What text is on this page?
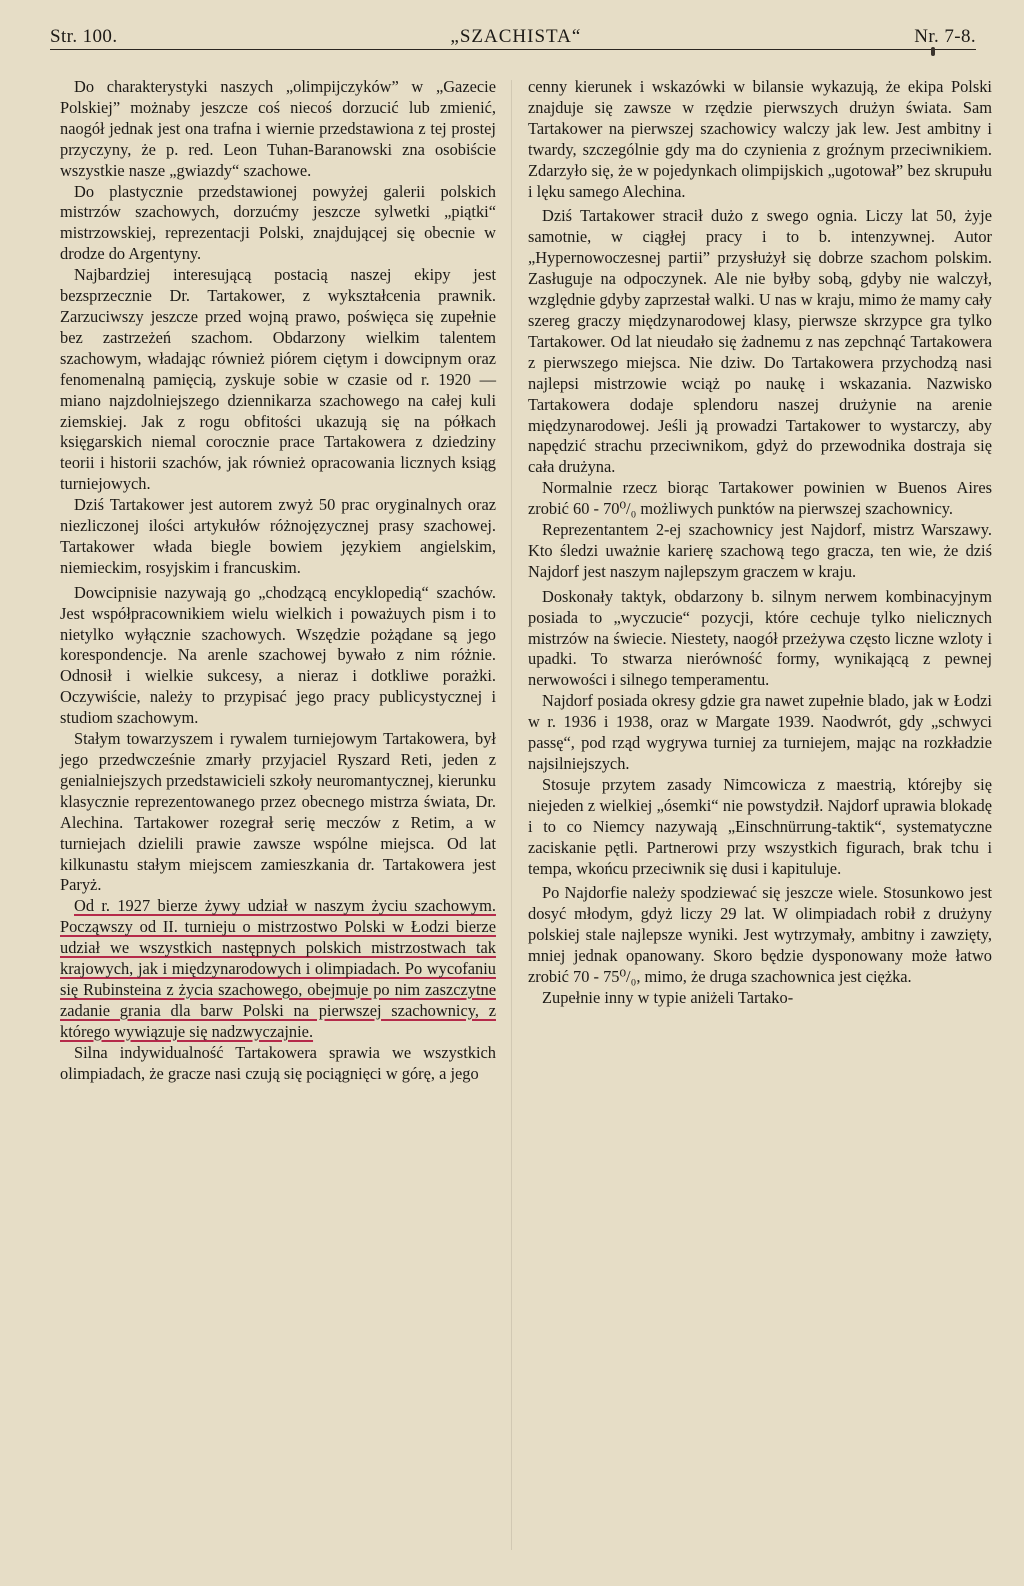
Str. 100.	„SZACHISTA“	Nr. 7-8.

Do charakterystyki naszych „olimpijczyków” w „Gazecie Polskiej” możnaby jeszcze coś niecoś dorzucić lub zmienić, naogół jednak jest ona trafna i wiernie przedstawiona z tej prostej przyczyny, że p. red. Leon Tuhan-Baranowski zna osobiście wszystkie nasze „gwiazdy“ szachowe.

Do plastycznie przedstawionej powyżej galerii polskich mistrzów szachowych, dorzućmy jeszcze sylwetki „piątki“ mistrzowskiej, reprezentacji Polski, znajdującej się obecnie w drodze do Argentyny.

Najbardziej interesującą postacią naszej ekipy jest bezsprzecznie Dr. Tartakower, z wykształcenia prawnik. Zarzuciwszy jeszcze przed wojną prawo, poświęca się zupełnie bez zastrzeżeń szachom. Obdarzony wielkim talentem szachowym, władając również piórem ciętym i dowcipnym oraz fenomenalną pamięcią, zyskuje sobie w czasie od r. 1920 — miano najzdolniejszego dziennikarza szachowego na całej kuli ziemskiej. Jak z rogu obfitości ukazują się na półkach księgarskich niemal corocznie prace Tartakowera z dziedziny teorii i historii szachów, jak również opracowania licznych ksiąg turniejowych.

Dziś Tartakower jest autorem zwyż 50 prac oryginalnych oraz niezliczonej ilości artykułów różnojęzycznej prasy szachowej. Tartakower włada biegle bowiem językiem angielskim, niemieckim, rosyjskim i francuskim.

Dowcipnisie nazywają go „chodzącą encyklopedią“ szachów. Jest współpracownikiem wielu wielkich i poważuych pism i to nietylko wyłącznie szachowych. Wszędzie pożądane są jego korespondencje. Na arenle szachowej bywało z nim różnie. Odnosił i wielkie sukcesy, a nieraz i dotkliwe porażki. Oczywiście, należy to przypisać jego pracy publicystycznej i studiom szachowym.

Stałym towarzyszem i rywalem turniejowym Tartakowera, był jego przedwcześnie zmarły przyjaciel Ryszard Reti, jeden z genialniejszych przedstawicieli szkoły neuromantycznej, kierunku klasycznie reprezentowanego przez obecnego mistrza świata, Dr. Alechina. Tartakower rozegrał serię meczów z Retim, a w turniejach dzielili prawie zawsze wspólne miejsca. Od lat kilkunastu stałym miejscem zamieszkania dr. Tartakowera jest Paryż.

Od r. 1927 bierze żywy udział w naszym życiu szachowym. Począwszy od II. turnieju o mistrzostwo Polski w Łodzi bierze udział we wszystkich następnych polskich mistrzostwach tak krajowych, jak i międzynarodowych i olimpiadach. Po wycofaniu się Rubinsteina z życia szachowego, obejmuje po nim zaszczytne zadanie grania dla barw Polski na pierwszej szachownicy, z którego wywiązuje się nadzwyczajnie.

Silna indywidualność Tartakowera sprawia we wszystkich olimpiadach, że gracze nasi czują się pociągnięci w górę, a jego

cenny kierunek i wskazówki w bilansie wykazują, że ekipa Polski znajduje się zawsze w rzędzie pierwszych drużyn świata. Sam Tartakower na pierwszej szachowicy walczy jak lew. Jest ambitny i twardy, szczególnie gdy ma do czynienia z groźnym przeciwnikiem. Zdarzyło się, że w pojedynkach olimpijskich „ugotował” bez skrupułu i lęku samego Alechina.

Dziś Tartakower stracił dużo z swego ognia. Liczy lat 50, żyje samotnie, w ciągłej pracy i to b. intenzywnej. Autor „Hypernowoczesnej partii” przysłużył się dobrze szachom polskim. Zasługuje na odpoczynek. Ale nie byłby sobą, gdyby nie walczył, względnie gdyby zaprzestał walki. U nas w kraju, mimo że mamy cały szereg graczy międzynarodowej klasy, pierwsze skrzypce gra tylko Tartakower. Od lat nieudało się żadnemu z nas zepchnąć Tartakowera z pierwszego miejsca. Nie dziw. Do Tartakowera przychodzą nasi najlepsi mistrzowie wciąż po naukę i wskazania. Nazwisko Tartakowera dodaje splendoru naszej drużynie na arenie międzynarodowej. Jeśli ją prowadzi Tartakower to wystarczy, aby napędzić strachu przeciwnikom, gdyż do przewodnika dostraja się cała drużyna.

Normalnie rzecz biorąc Tartakower powinien w Buenos Aires zrobić 60 - 70⁰/₀ możliwych punktów na pierwszej szachownicy.

Reprezentantem 2-ej szachownicy jest Najdorf, mistrz Warszawy. Kto śledzi uważnie karierę szachową tego gracza, ten wie, że dziś Najdorf jest naszym najlepszym graczem w kraju.

Doskonały taktyk, obdarzony b. silnym nerwem kombinacyjnym posiada to „wyczucie“ pozycji, które cechuje tylko nielicznych mistrzów na świecie. Niestety, naogół przeżywa często liczne wzloty i upadki. To stwarza nierówność formy, wynikającą z pewnej nerwowości i silnego temperamentu.

Najdorf posiada okresy gdzie gra nawet zupełnie blado, jak w Łodzi w r. 1936 i 1938, oraz w Margate 1939. Naodwrót, gdy „schwyci passę“, pod rząd wygrywa turniej za turniejem, mając na rozkładzie najsilniejszych.

Stosuje przytem zasady Nimcowicza z maestrią, którejby się niejeden z wielkiej „ósemki“ nie powstydził. Najdorf uprawia blokadę i to co Niemcy nazywają „Einschnürrung-taktik“, systematyczne zaciskanie pętli. Partnerowi przy wszystkich figurach, brak tchu i tempa, wkońcu przeciwnik się dusi i kapituluje.

Po Najdorfie należy spodziewać się jeszcze wiele. Stosunkowo jest dosyć młodym, gdyż liczy 29 lat. W olimpiadach robił z drużyny polskiej stale najlepsze wyniki. Jest wytrzymały, ambitny i zawzięty, mniej jednak opanowany. Skoro będzie dysponowany może łatwo zrobić 70 - 75⁰/₀, mimo, że druga szachownica jest ciężka.

Zupełnie inny w typie aniżeli Tartako-
